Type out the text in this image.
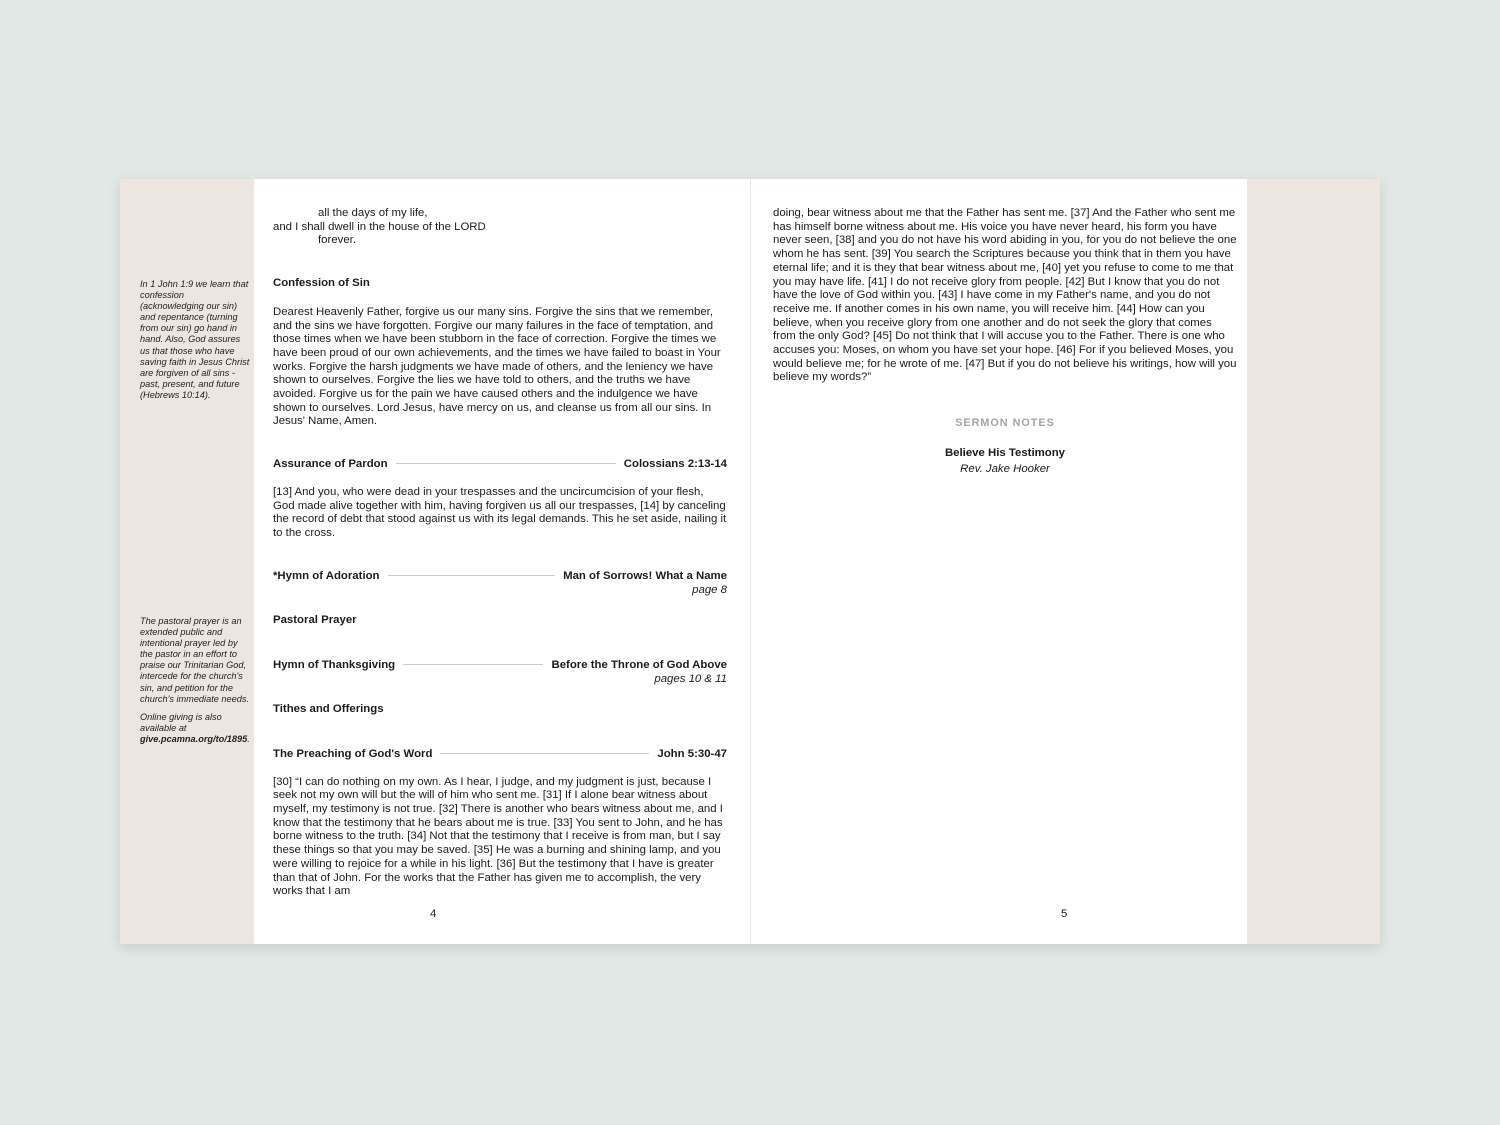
In 1 John 1:9 we learn that confession (acknowledging our sin) and repentance (turning from our sin) go hand in hand. Also, God assures us that those who have saving faith in Jesus Christ are forgiven of all sins - past, present, and future (Hebrews 10:14).

The pastoral prayer is an extended public and intentional prayer led by the pastor in an effort to praise our Trinitarian God, intercede for the church's sin, and petition for the church's immediate needs.

Online giving is also available at give.pcamna.org/to/1895.

all the days of my life,
and I shall dwell in the house of the LORD
forever.
Confession of Sin

Dearest Heavenly Father, forgive us our many sins. Forgive the sins that we remember, and the sins we have forgotten. Forgive our many failures in the face of temptation, and those times when we have been stubborn in the face of correction. Forgive the times we have been proud of our own achievements, and the times we have failed to boast in Your works. Forgive the harsh judgments we have made of others, and the leniency we have shown to ourselves. Forgive the lies we have told to others, and the truths we have avoided. Forgive us for the pain we have caused others and the indulgence we have shown to ourselves. Lord Jesus, have mercy on us, and cleanse us from all our sins. In Jesus' Name, Amen.

Assurance of Pardon	Colossians 2:13-14

[13] And you, who were dead in your trespasses and the uncircumcision of your flesh, God made alive together with him, having forgiven us all our trespasses, [14] by canceling the record of debt that stood against us with its legal demands. This he set aside, nailing it to the cross.

*Hymn of Adoration	Man of Sorrows! What a Name
page 8
Pastoral Prayer
Hymn of Thanksgiving	Before the Throne of God Above
pages 10 & 11
Tithes and Offerings
The Preaching of God's Word	John 5:30-47

[30] “I can do nothing on my own. As I hear, I judge, and my judgment is just, because I seek not my own will but the will of him who sent me. [31] If I alone bear witness about myself, my testimony is not true. [32] There is another who bears witness about me, and I know that the testimony that he bears about me is true. [33] You sent to John, and he has borne witness to the truth. [34] Not that the testimony that I receive is from man, but I say these things so that you may be saved. [35] He was a burning and shining lamp, and you were willing to rejoice for a while in his light. [36] But the testimony that I have is greater than that of John. For the works that the Father has given me to accomplish, the very works that I am

4

doing, bear witness about me that the Father has sent me. [37] And the Father who sent me has himself borne witness about me. His voice you have never heard, his form you have never seen, [38] and you do not have his word abiding in you, for you do not believe the one whom he has sent. [39] You search the Scriptures because you think that in them you have eternal life; and it is they that bear witness about me, [40] yet you refuse to come to me that you may have life. [41] I do not receive glory from people. [42] But I know that you do not have the love of God within you. [43] I have come in my Father's name, and you do not receive me. If another comes in his own name, you will receive him. [44] How can you believe, when you receive glory from one another and do not seek the glory that comes from the only God? [45] Do not think that I will accuse you to the Father. There is one who accuses you: Moses, on whom you have set your hope. [46] For if you believed Moses, you would believe me; for he wrote of me. [47] But if you do not believe his writings, how will you believe my words?”

SERMON NOTES
Believe His Testimony
Rev. Jake Hooker
5
